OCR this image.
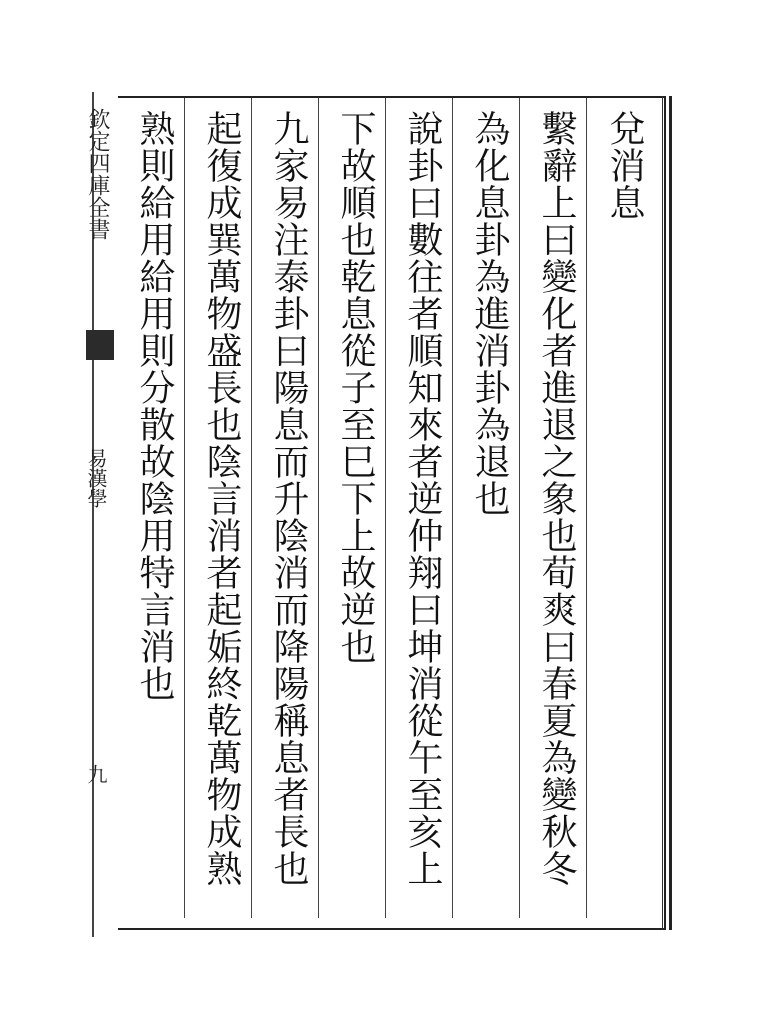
欽定四庫全書
易漢學
九
兌消息
繫辭上曰變化者進退之象也荀爽曰春夏為變秋冬
為化息卦為進消卦為退也
說卦曰數往者順知來者逆仲翔曰坤消從午至亥上
下故順也乾息從子至巳下上故逆也
九家易注泰卦曰陽息而升陰消而降陽稱息者長也
起復成巽萬物盛長也陰言消者起姤終乾萬物成熟
熟則給用給用則分散故陰用特言消也
